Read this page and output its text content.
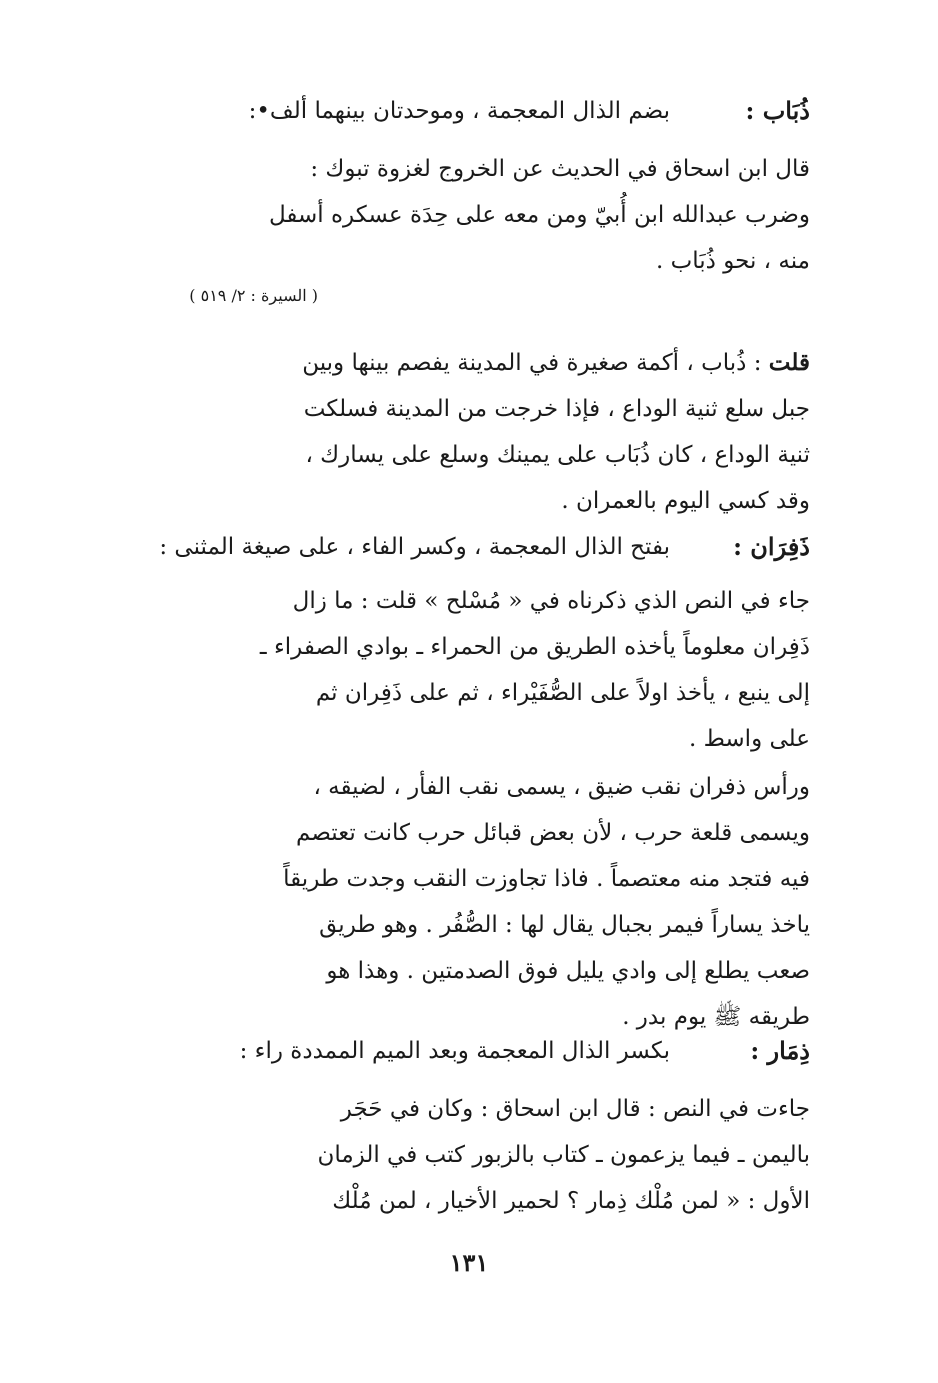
ذُبَاب :
بضم الذال المعجمة ، وموحدتان بينهما ألف•:
قال ابن اسحاق في الحديث عن الخروج لغزوة تبوك :
وضرب عبدالله ابن أُبيّ ومن معه على حِدَة عسكره أسفل
منه ، نحو ذُبَاب .
( السيرة : ٢/ ٥١٩ )
قلت : ذُباب ، أكمة صغيرة في المدينة يفصم بينها وبين
جبل سلع ثنية الوداع ، فإذا خرجت من المدينة فسلكت
ثنية الوداع ، كان ذُبَاب على يمينك وسلع على يسارك ،
وقد كسي اليوم بالعمران .
ذَفِرَان :
بفتح الذال المعجمة ، وكسر الفاء ، على صيغة المثنى :
جاء في النص الذي ذكرناه في « مُسْلح » قلت : ما زال
ذَفِران معلوماً يأخذه الطريق من الحمراء ـ بوادي الصفراء ـ
إلى ينبع ، يأخذ اولاً على الصُّفَيْراء ، ثم على ذَفِران ثم
على واسط .
ورأس ذفران نقب ضيق ، يسمى نقب الفأر ، لضيقه ،
ويسمى قلعة حرب ، لأن بعض قبائل حرب كانت تعتصم
فيه فتجد منه معتصماً . فاذا تجاوزت النقب وجدت طريقاً
ياخذ يساراً فيمر بجبال يقال لها : الصُّفُر . وهو طريق
صعب يطلع إلى وادي يليل فوق الصدمتين . وهذا هو
طريقه ﷺ يوم بدر .
ذِمَار :
بكسر الذال المعجمة وبعد الميم الممددة راء :
جاءت في النص : قال ابن اسحاق : وكان في حَجَر
باليمن ـ فيما يزعمون ـ كتاب بالزبور كتب في الزمان
الأول : « لمن مُلْك ذِمار ؟ لحمير الأخيار ، لمن مُلْك
١٣١
